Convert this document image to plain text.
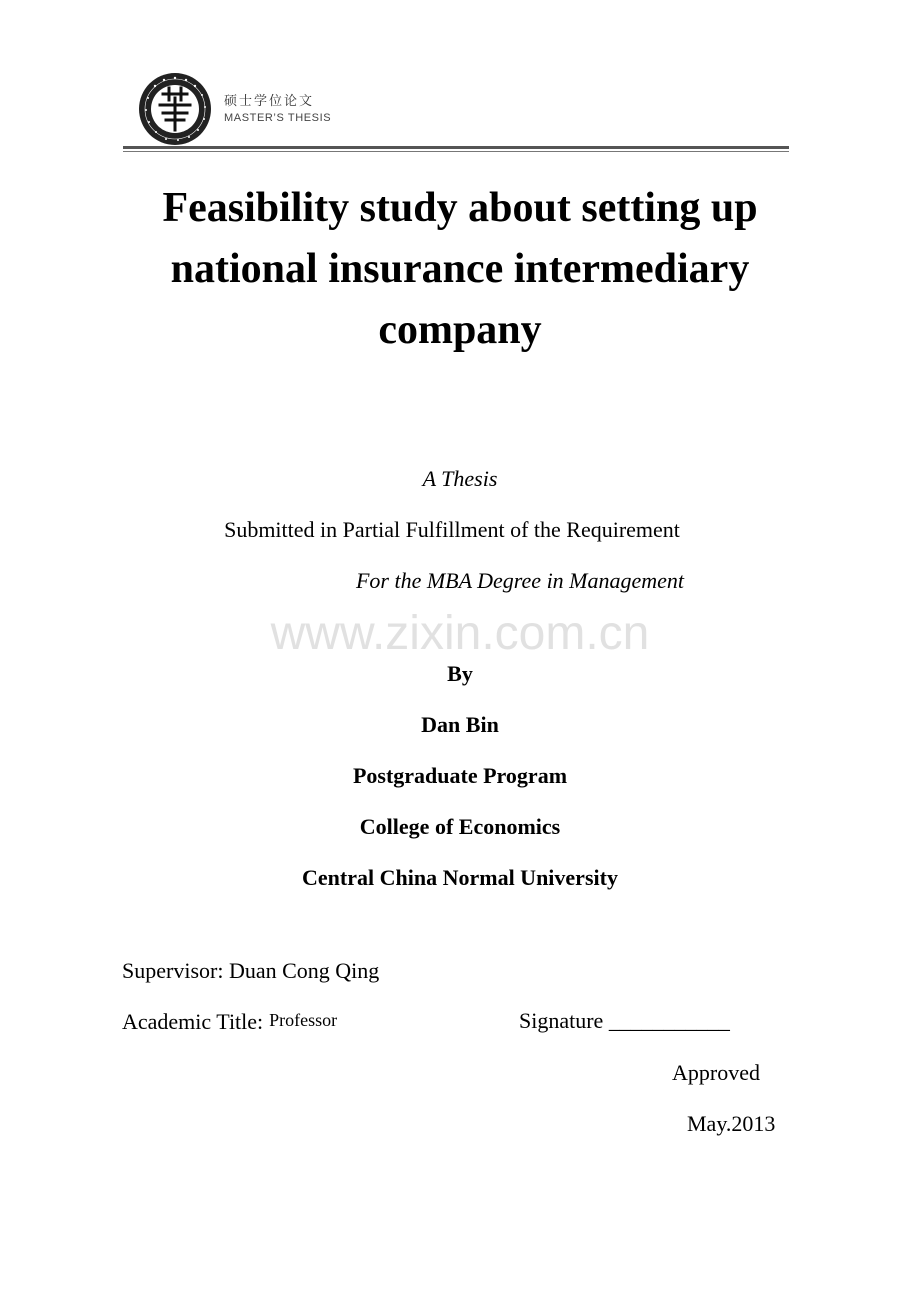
硕士学位论文
MASTER’S THESIS
Feasibility study about setting up
national insurance intermediary
company
A Thesis
Submitted in Partial Fulfillment of the Requirement
For the MBA Degree in Management
www.zixin.com.cn
By
Dan Bin
Postgraduate Program
College of Economics
Central China Normal University
Supervisor: Duan Cong Qing
Academic Title: Professor	Signature ___________
Approved
May.2013
